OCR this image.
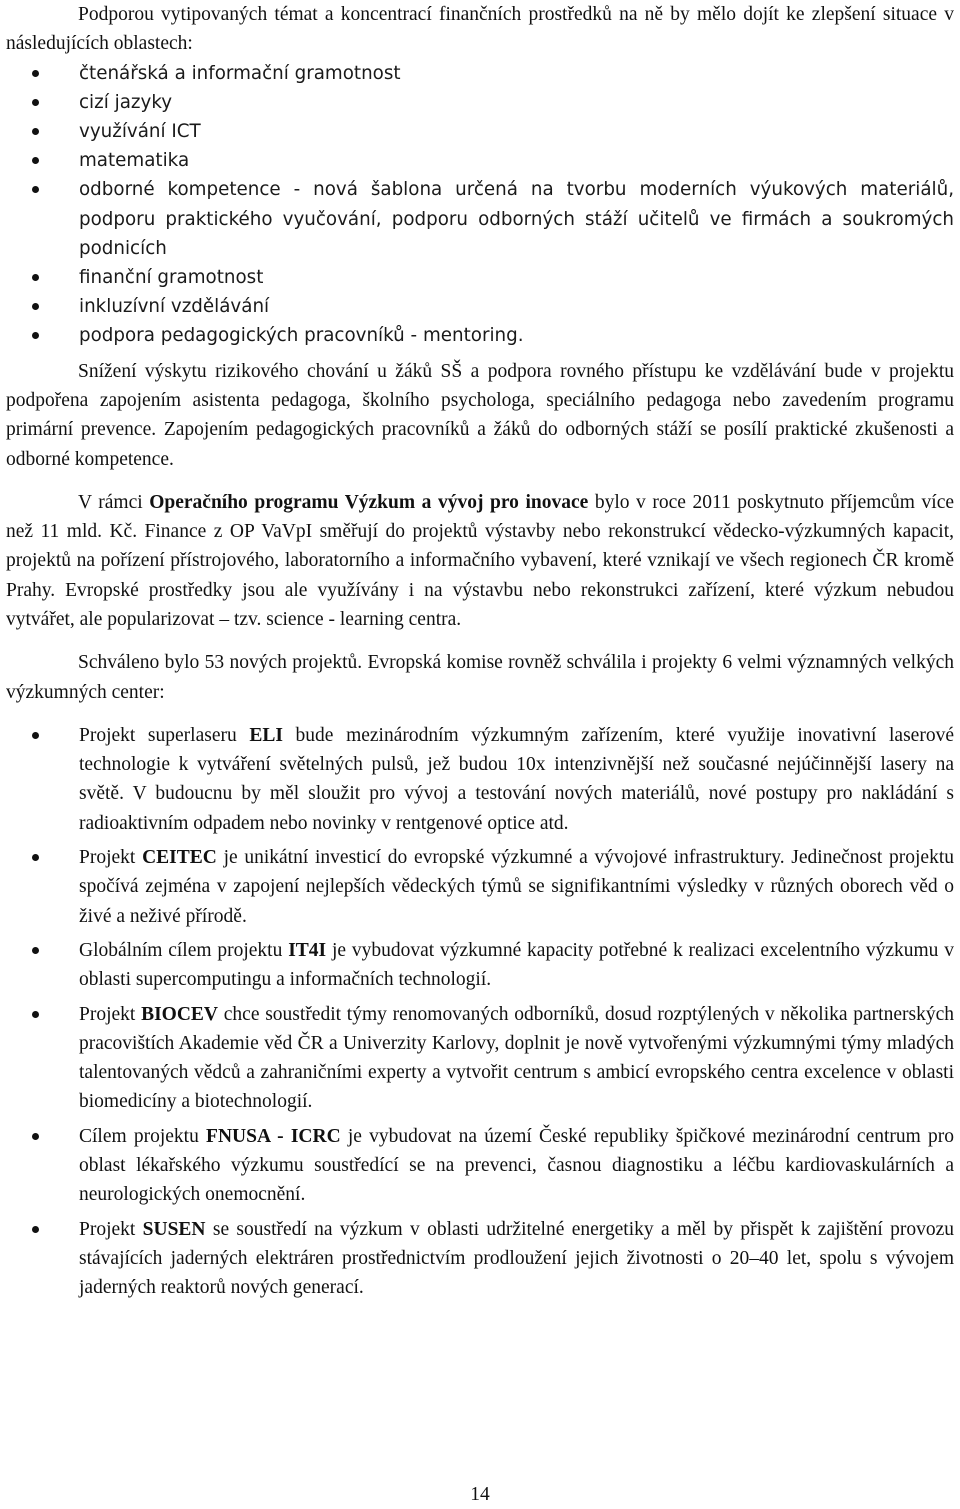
Podporou vytipovaných témat a koncentrací finančních prostředků na ně by mělo dojít ke zlepšení situace v následujících oblastech:

čtenářská a informační gramotnost
cizí jazyky
využívání ICT
matematika
odborné kompetence - nová šablona určená na tvorbu moderních výukových materiálů, podporu praktického vyučování, podporu odborných stáží učitelů ve firmách a soukromých podnicích
finanční gramotnost
inkluzívní vzdělávání
podpora pedagogických pracovníků - mentoring.

Snížení výskytu rizikového chování u žáků SŠ a podpora rovného přístupu ke vzdělávání bude v projektu podpořena zapojením asistenta pedagoga, školního psychologa, speciálního pedagoga nebo zavedením programu primární prevence. Zapojením pedagogických pracovníků a žáků do odborných stáží se posílí praktické zkušenosti a odborné kompetence.

V rámci Operačního programu Výzkum a vývoj pro inovace bylo v roce 2011 poskytnuto příjemcům více než 11 mld. Kč. Finance z OP VaVpI směřují do projektů výstavby nebo rekonstrukcí vědecko-výzkumných kapacit, projektů na pořízení přístrojového, laboratorního a informačního vybavení, které vznikají ve všech regionech ČR kromě Prahy. Evropské prostředky jsou ale využívány i na výstavbu nebo rekonstrukci zařízení, které výzkum nebudou vytvářet, ale popularizovat – tzv. science - learning centra.

Schváleno bylo 53 nových projektů. Evropská komise rovněž schválila i projekty 6 velmi významných velkých výzkumných center:

Projekt superlaseru ELI bude mezinárodním výzkumným zařízením, které využije inovativní laserové technologie k vytváření světelných pulsů, jež budou 10x intenzivnější než současné nejúčinnější lasery na světě. V budoucnu by měl sloužit pro vývoj a testování nových materiálů, nové postupy pro nakládání s radioaktivním odpadem nebo novinky v rentgenové optice atd.
Projekt CEITEC je unikátní investicí do evropské výzkumné a vývojové infrastruktury. Jedinečnost projektu spočívá zejména v zapojení nejlepších vědeckých týmů se signifikantními výsledky v různých oborech věd o živé a neživé přírodě.
Globálním cílem projektu IT4I je vybudovat výzkumné kapacity potřebné k realizaci excelentního výzkumu v oblasti supercomputingu a informačních technologií.
Projekt BIOCEV chce soustředit týmy renomovaných odborníků, dosud rozptýlených v několika partnerských pracovištích Akademie věd ČR a Univerzity Karlovy, doplnit je nově vytvořenými výzkumnými týmy mladých talentovaných vědců a zahraničními experty a vytvořit centrum s ambicí evropského centra excelence v oblasti biomedicíny a biotechnologií.
Cílem projektu FNUSA - ICRC je vybudovat na území České republiky špičkové mezinárodní centrum pro oblast lékařského výzkumu soustředící se na prevenci, časnou diagnostiku a léčbu kardiovaskulárních a neurologických onemocnění.
Projekt SUSEN se soustředí na výzkum v oblasti udržitelné energetiky a měl by přispět k zajištění provozu stávajících jaderných elektráren prostřednictvím prodloužení jejich životnosti o 20–40 let, spolu s vývojem jaderných reaktorů nových generací.
14
